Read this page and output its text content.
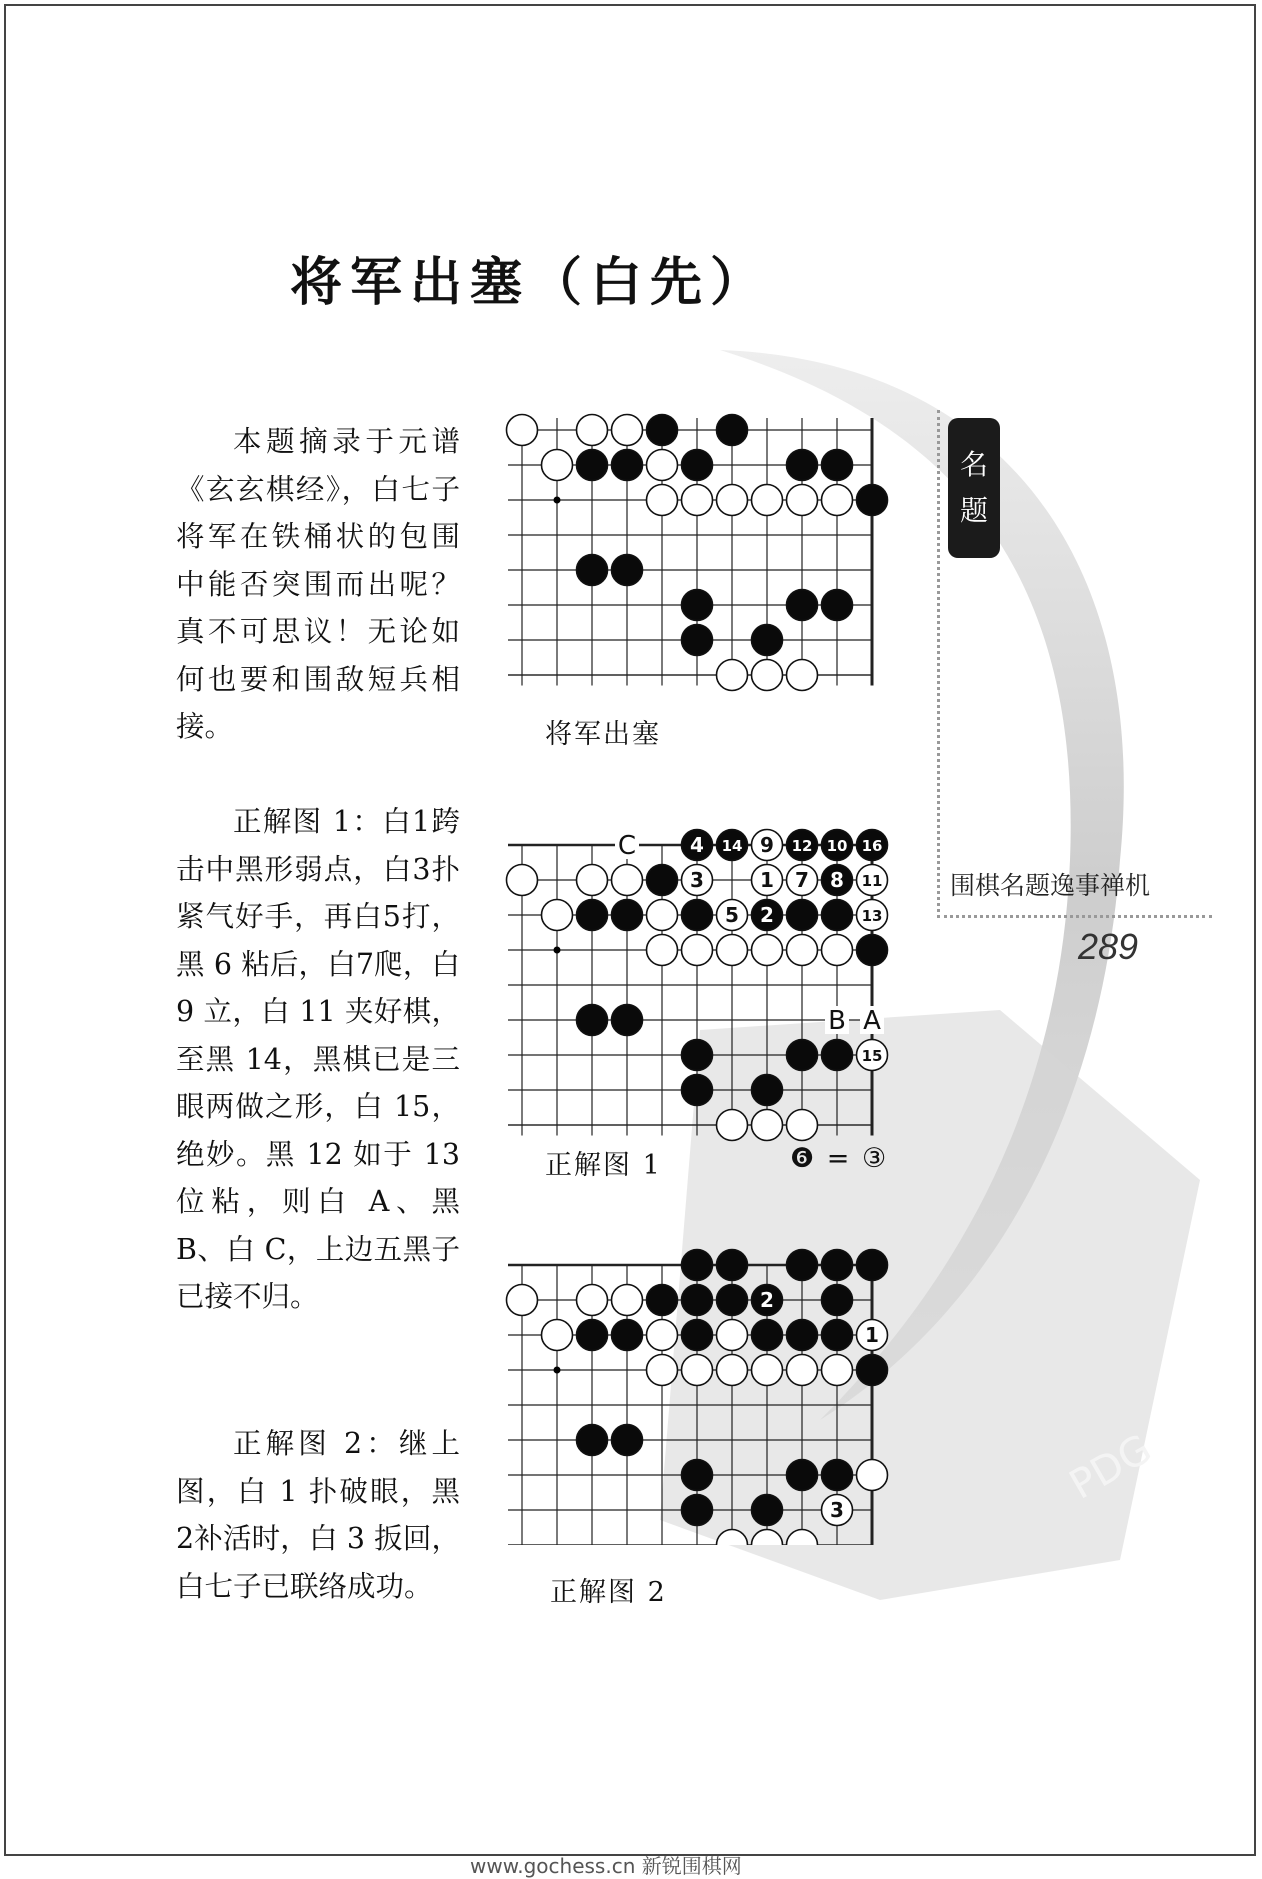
PDG
将军出塞（白先）
名
题
围棋名题逸事禅机
289
本题摘录于元谱《玄玄棋经》，白七子将军在铁桶状的包围中能否突围而出呢？真不可思议！无论如何也要和围敌短兵相接。
正解图 1：白1跨击中黑形弱点，白3扑紧气好手，再白5打，黑 6 粘后，白7爬，白 9 立，白 11 夹好棋，至黑 14，黑棋已是三眼两做之形，白 15，绝妙。黑 12 如于 13 位粘，则白 A、黑 B、白 C，上边五黑子已接不归。
正解图 2：继上图，白 1 扑破眼，黑 2补活时，白 3 扳回，白七子已联络成功。
9
3	1 7	11
5	13
15
4 14	12 10 16
8
2
C
B A
1
3
2
将军出塞
正解图 1	❻ = ③
正解图 2
www.gochess.cn 新锐围棋网
